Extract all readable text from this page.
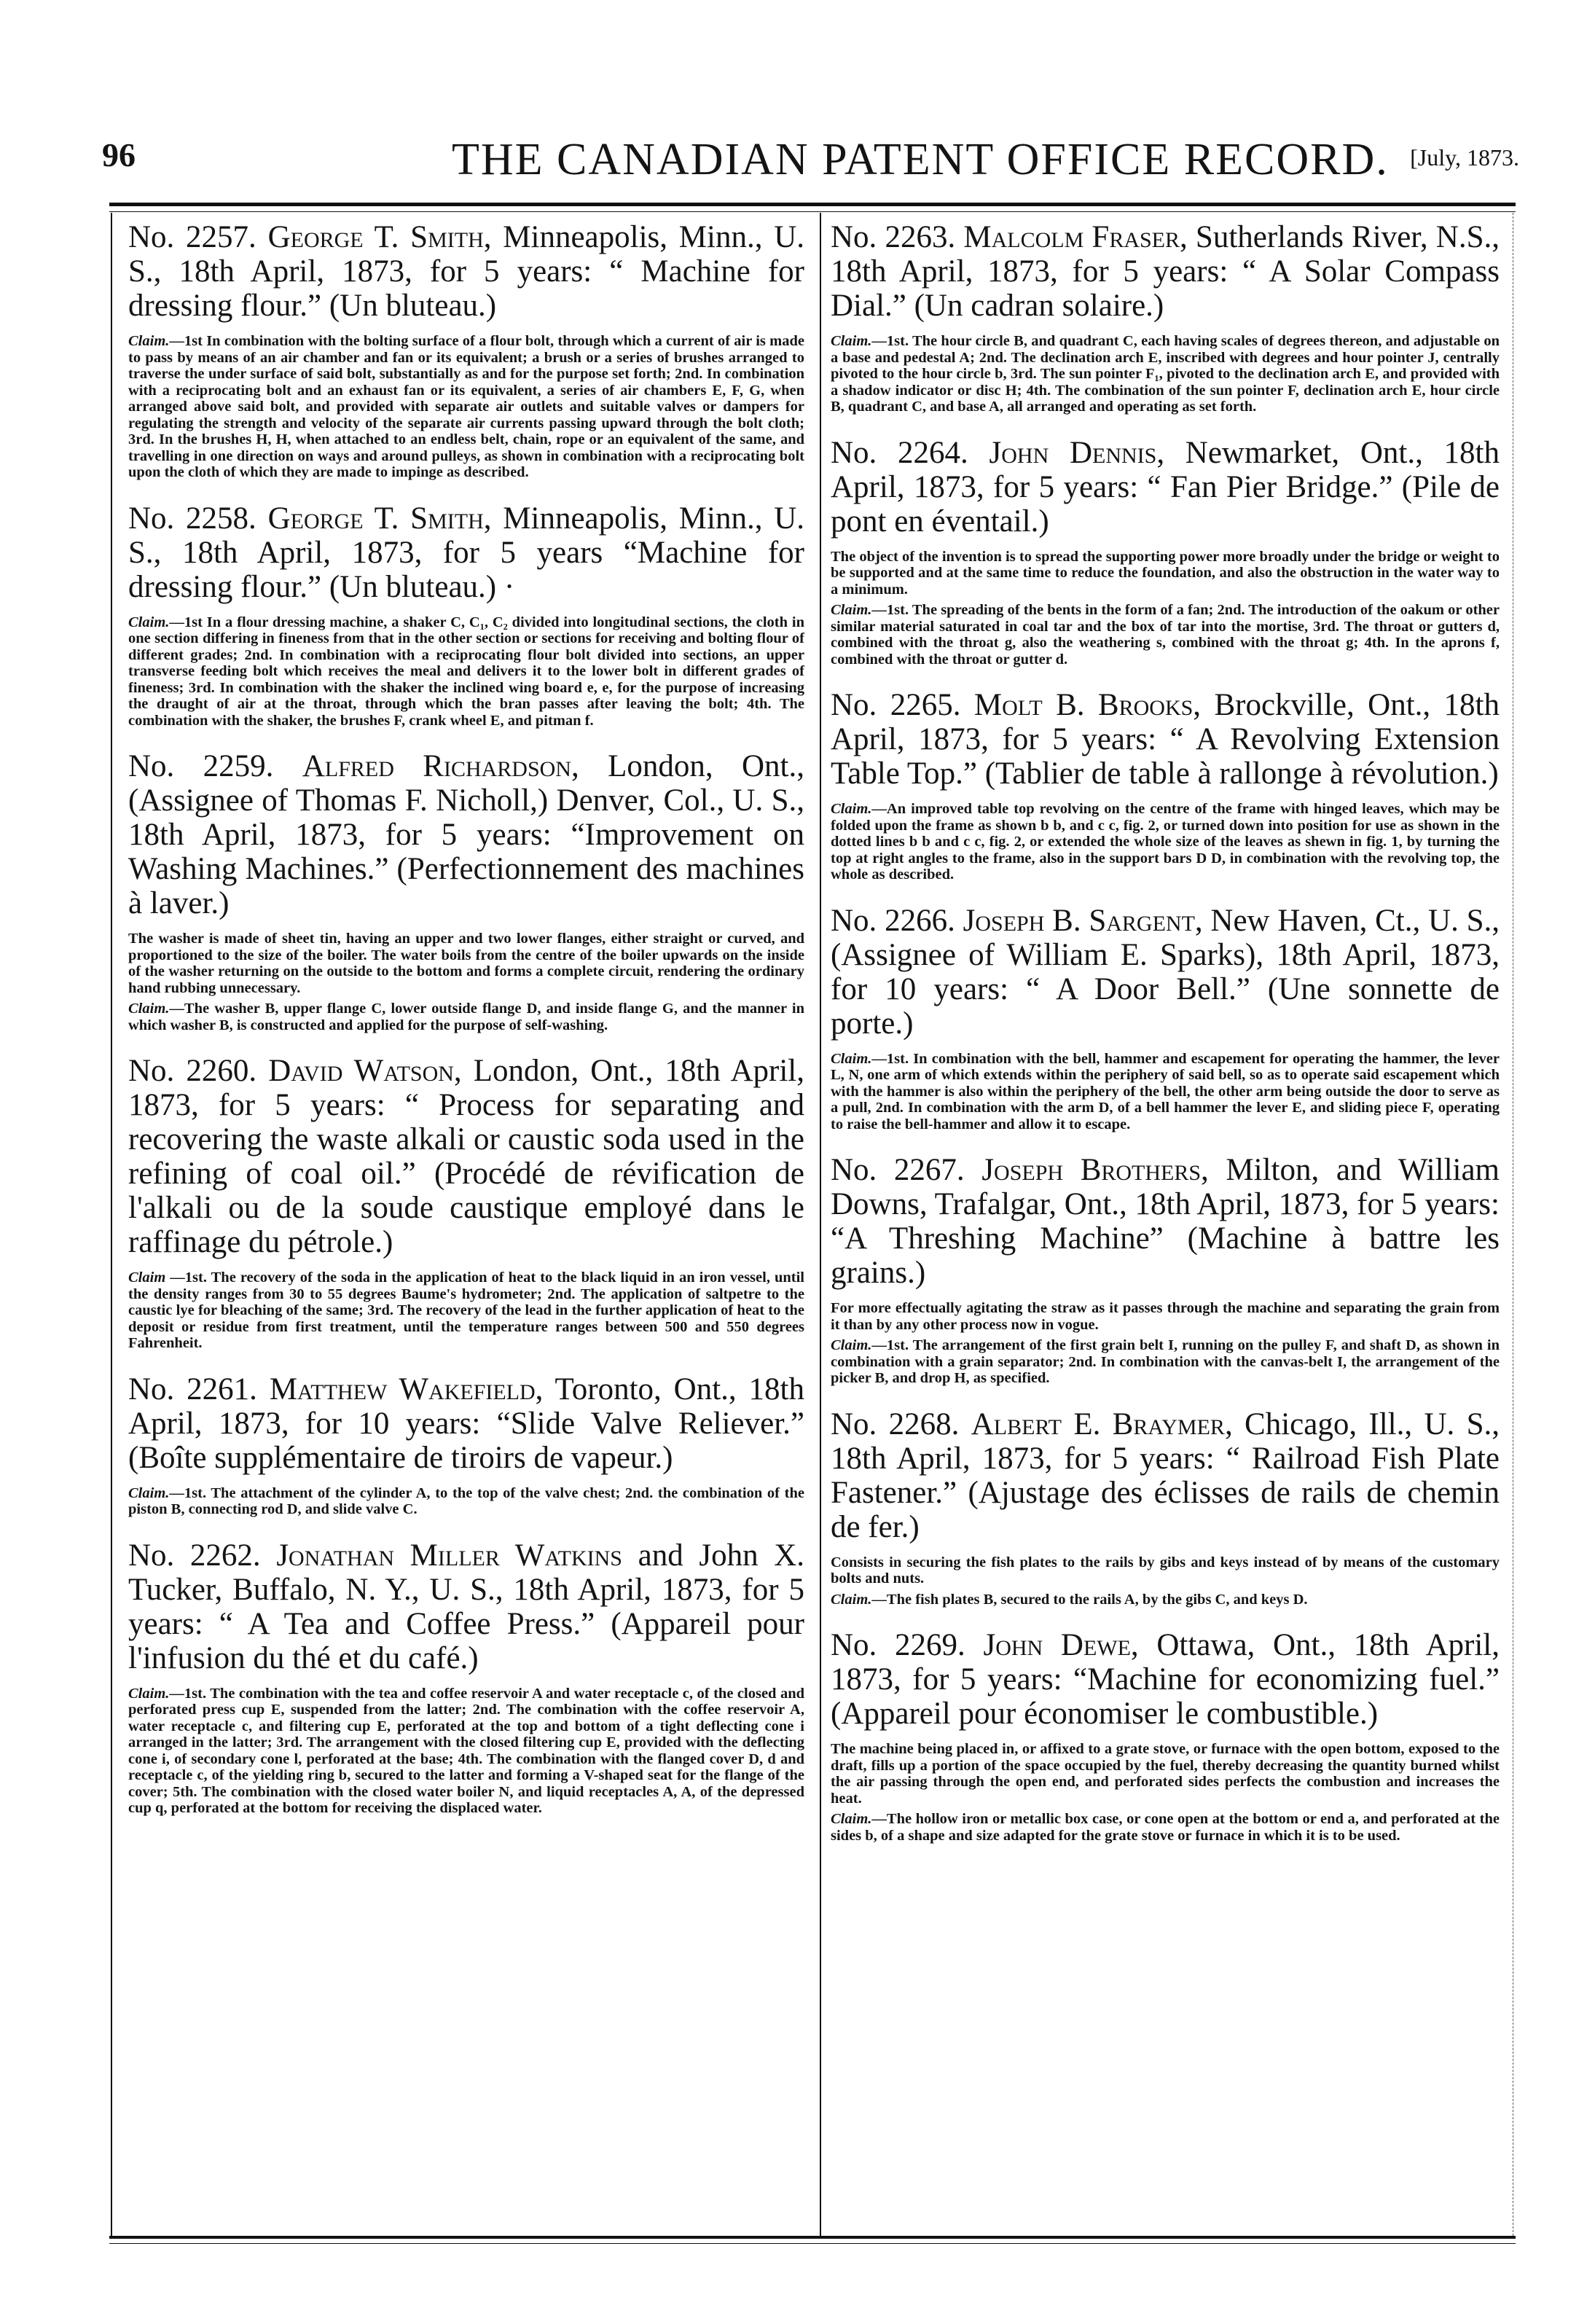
96	THE CANADIAN PATENT OFFICE RECORD. [July, 1873.

No. 2257. George T. Smith, Minneapolis, Minn., U. S., 18th April, 1873, for 5 years: “ Machine for dressing flour.” (Un bluteau.)

Claim.—1st In combination with the bolting surface of a flour bolt, through which a current of air is made to pass by means of an air chamber and fan or its equivalent; a brush or a series of brushes arranged to traverse the under surface of said bolt, substantially as and for the purpose set forth; 2nd. In combination with a reciprocating bolt and an exhaust fan or its equivalent, a series of air chambers E, F, G, when arranged above said bolt, and provided with separate air outlets and suitable valves or dampers for regulating the strength and velocity of the separate air currents passing upward through the bolt cloth; 3rd. In the brushes H, H, when attached to an endless belt, chain, rope or an equivalent of the same, and travelling in one direction on ways and around pulleys, as shown in combination with a reciprocating bolt upon the cloth of which they are made to impinge as described.

No. 2258. George T. Smith, Minneapolis, Minn., U. S., 18th April, 1873, for 5 years “Machine for dressing flour.” (Un bluteau.) ·

Claim.—1st In a flour dressing machine, a shaker C, C₁, C₂ divided into longitudinal sections, the cloth in one section differing in fineness from that in the other section or sections for receiving and bolting flour of different grades; 2nd. In combination with a reciprocating flour bolt divided into sections, an upper transverse feeding bolt which receives the meal and delivers it to the lower bolt in different grades of fineness; 3rd. In combination with the shaker the inclined wing board e, e, for the purpose of increasing the draught of air at the throat, through which the bran passes after leaving the bolt; 4th. The combination with the shaker, the brushes F, crank wheel E, and pitman f.

No. 2259. Alfred Richardson, London, Ont., (Assignee of Thomas F. Nicholl,) Denver, Col., U. S., 18th April, 1873, for 5 years: “Improvement on Washing Machines.” (Perfectionnement des machines à laver.)

The washer is made of sheet tin, having an upper and two lower flanges, either straight or curved, and proportioned to the size of the boiler. The water boils from the centre of the boiler upwards on the inside of the washer returning on the outside to the bottom and forms a complete circuit, rendering the ordinary hand rubbing unnecessary.

Claim.—The washer B, upper flange C, lower outside flange D, and inside flange G, and the manner in which washer B, is constructed and applied for the purpose of self-washing.

No. 2260. David Watson, London, Ont., 18th April, 1873, for 5 years: “ Process for separating and recovering the waste alkali or caustic soda used in the refining of coal oil.” (Procédé de révification de l'alkali ou de la soude caustique employé dans le raffinage du pétrole.)

Claim —1st. The recovery of the soda in the application of heat to the black liquid in an iron vessel, until the density ranges from 30 to 55 degrees Baume's hydrometer; 2nd. The application of saltpetre to the caustic lye for bleaching of the same; 3rd. The recovery of the lead in the further application of heat to the deposit or residue from first treatment, until the temperature ranges between 500 and 550 degrees Fahrenheit.

No. 2261. Matthew Wakefield, Toronto, Ont., 18th April, 1873, for 10 years: “Slide Valve Reliever.” (Boîte supplémentaire de tiroirs de vapeur.)

Claim.—1st. The attachment of the cylinder A, to the top of the valve chest; 2nd. the combination of the piston B, connecting rod D, and slide valve C.

No. 2262. Jonathan Miller Watkins and John X. Tucker, Buffalo, N. Y., U. S., 18th April, 1873, for 5 years: “ A Tea and Coffee Press.” (Appareil pour l'infusion du thé et du café.)

Claim.—1st. The combination with the tea and coffee reservoir A and water receptacle c, of the closed and perforated press cup E, suspended from the latter; 2nd. The combination with the coffee reservoir A, water receptacle c, and filtering cup E, perforated at the top and bottom of a tight deflecting cone i arranged in the latter; 3rd. The arrangement with the closed filtering cup E, provided with the deflecting cone i, of secondary cone l, perforated at the base; 4th. The combination with the flanged cover D, d and receptacle c, of the yielding ring b, secured to the latter and forming a V-shaped seat for the flange of the cover; 5th. The combination with the closed water boiler N, and liquid receptacles A, A, of the depressed cup q, perforated at the bottom for receiving the displaced water.

No. 2263. Malcolm Fraser, Sutherlands River, N.S., 18th April, 1873, for 5 years: “ A Solar Compass Dial.” (Un cadran solaire.)

Claim.—1st. The hour circle B, and quadrant C, each having scales of degrees thereon, and adjustable on a base and pedestal A; 2nd. The declination arch E, inscribed with degrees and hour pointer J, centrally pivoted to the hour circle b, 3rd. The sun pointer F₁, pivoted to the declination arch E, and provided with a shadow indicator or disc H; 4th. The combination of the sun pointer F, declination arch E, hour circle B, quadrant C, and base A, all arranged and operating as set forth.

No. 2264. John Dennis, Newmarket, Ont., 18th April, 1873, for 5 years: “ Fan Pier Bridge.” (Pile de pont en éventail.)

The object of the invention is to spread the supporting power more broadly under the bridge or weight to be supported and at the same time to reduce the foundation, and also the obstruction in the water way to a minimum.

Claim.—1st. The spreading of the bents in the form of a fan; 2nd. The introduction of the oakum or other similar material saturated in coal tar and the box of tar into the mortise, 3rd. The throat or gutters d, combined with the throat g, also the weathering s, combined with the throat g; 4th. In the aprons f, combined with the throat or gutter d.

No. 2265. Molt B. Brooks, Brockville, Ont., 18th April, 1873, for 5 years: “ A Revolving Extension Table Top.” (Tablier de table à rallonge à révolution.)

Claim.—An improved table top revolving on the centre of the frame with hinged leaves, which may be folded upon the frame as shown b b, and c c, fig. 2, or turned down into position for use as shown in the dotted lines b b and c c, fig. 2, or extended the whole size of the leaves as shewn in fig. 1, by turning the top at right angles to the frame, also in the support bars D D, in combination with the revolving top, the whole as described.

No. 2266. Joseph B. Sargent, New Haven, Ct., U. S., (Assignee of William E. Sparks), 18th April, 1873, for 10 years: “ A Door Bell.” (Une sonnette de porte.)

Claim.—1st. In combination with the bell, hammer and escapement for operating the hammer, the lever L, N, one arm of which extends within the periphery of said bell, so as to operate said escapement which with the hammer is also within the periphery of the bell, the other arm being outside the door to serve as a pull, 2nd. In combination with the arm D, of a bell hammer the lever E, and sliding piece F, operating to raise the bell-hammer and allow it to escape.

No. 2267. Joseph Brothers, Milton, and William Downs, Trafalgar, Ont., 18th April, 1873, for 5 years: “A Threshing Machine” (Machine à battre les grains.)

For more effectually agitating the straw as it passes through the machine and separating the grain from it than by any other process now in vogue.

Claim.—1st. The arrangement of the first grain belt I, running on the pulley F, and shaft D, as shown in combination with a grain separator; 2nd. In combination with the canvas-belt I, the arrangement of the picker B, and drop H, as specified.

No. 2268. Albert E. Braymer, Chicago, Ill., U. S., 18th April, 1873, for 5 years: “ Railroad Fish Plate Fastener.” (Ajustage des éclisses de rails de chemin de fer.)

Consists in securing the fish plates to the rails by gibs and keys instead of by means of the customary bolts and nuts.

Claim.—The fish plates B, secured to the rails A, by the gibs C, and keys D.

No. 2269. John Dewe, Ottawa, Ont., 18th April, 1873, for 5 years: “Machine for economizing fuel.” (Appareil pour économiser le combustible.)

The machine being placed in, or affixed to a grate stove, or furnace with the open bottom, exposed to the draft, fills up a portion of the space occupied by the fuel, thereby decreasing the quantity burned whilst the air passing through the open end, and perforated sides perfects the combustion and increases the heat.

Claim.—The hollow iron or metallic box case, or cone open at the bottom or end a, and perforated at the sides b, of a shape and size adapted for the grate stove or furnace in which it is to be used.
